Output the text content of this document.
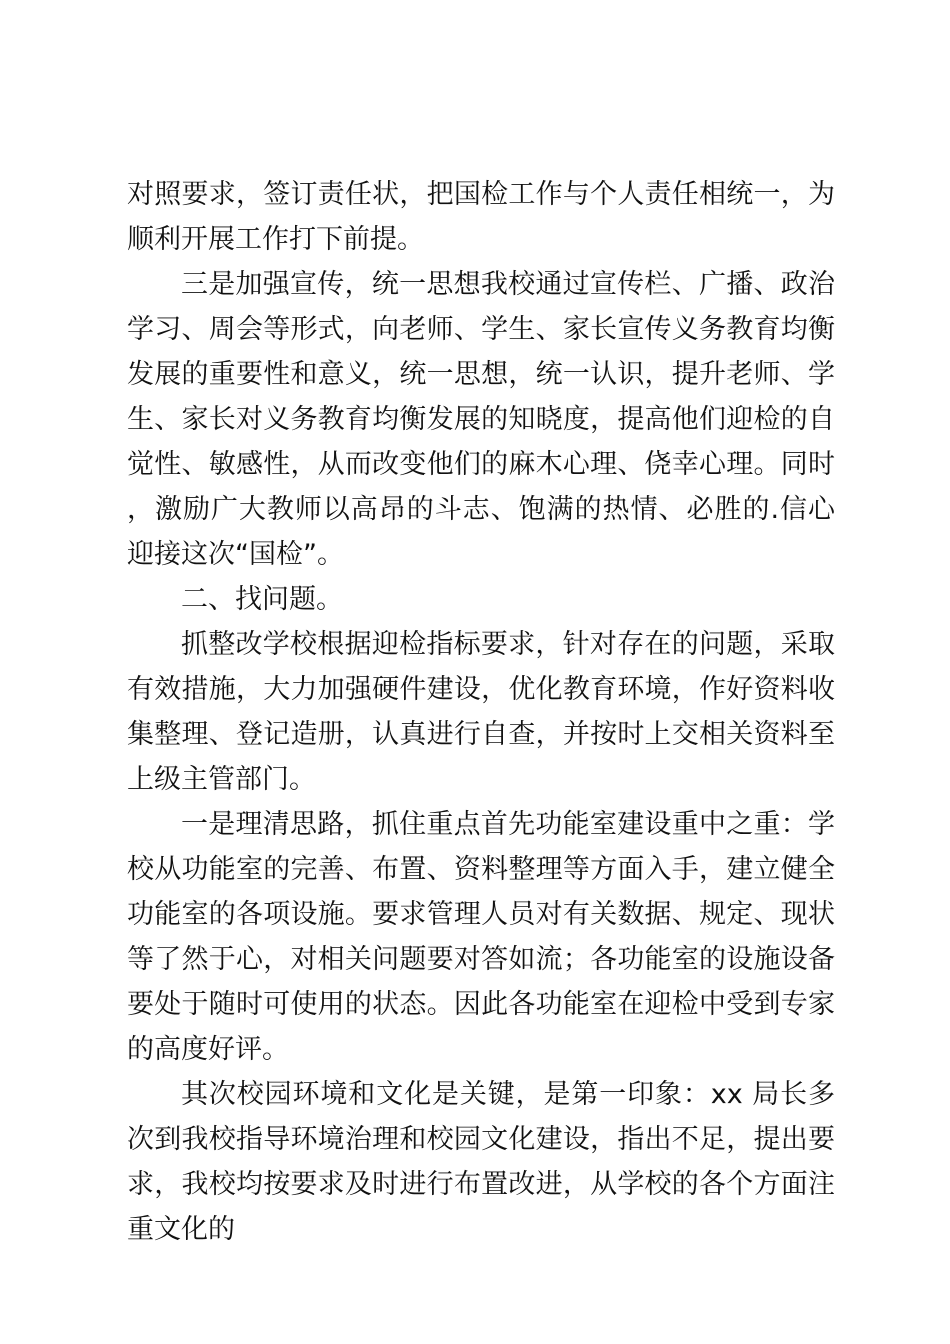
对照要求，签订责任状，把国检工作与个人责任相统一，为顺利开展工作打下前提。

三是加强宣传，统一思想我校通过宣传栏、广播、政治学习、周会等形式，向老师、学生、家长宣传义务教育均衡发展的重要性和意义，统一思想，统一认识，提升老师、学生、家长对义务教育均衡发展的知晓度，提高他们迎检的自觉性、敏感性，从而改变他们的麻木心理、侥幸心理。同时，激励广大教师以高昂的斗志、饱满的热情、必胜的.信心迎接这次“国检”。

二、找问题。

抓整改学校根据迎检指标要求，针对存在的问题，采取有效措施，大力加强硬件建设，优化教育环境，作好资料收集整理、登记造册，认真进行自查，并按时上交相关资料至上级主管部门。

一是理清思路，抓住重点首先功能室建设重中之重：学校从功能室的完善、布置、资料整理等方面入手，建立健全功能室的各项设施。要求管理人员对有关数据、规定、现状等了然于心，对相关问题要对答如流；各功能室的设施设备要处于随时可使用的状态。因此各功能室在迎检中受到专家的高度好评。

其次校园环境和文化是关键，是第一印象：xx 局长多次到我校指导环境治理和校园文化建设，指出不足，提出要求，我校均按要求及时进行布置改进，从学校的各个方面注重文化的
